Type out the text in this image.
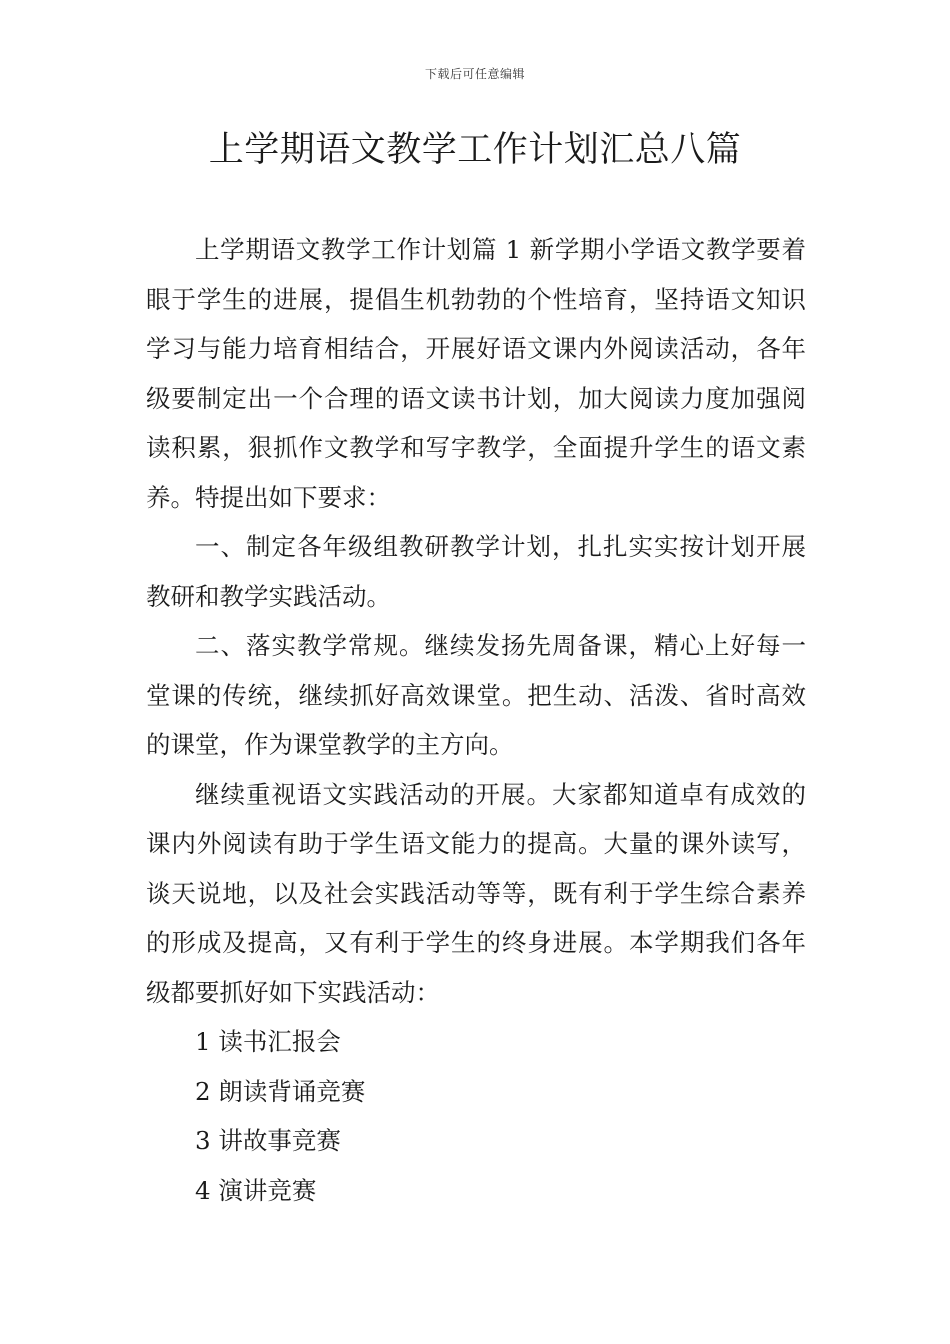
下载后可任意编辑
上学期语文教学工作计划汇总八篇

上学期语文教学工作计划篇 1 新学期小学语文教学要着眼于学生的进展，提倡生机勃勃的个性培育，坚持语文知识学习与能力培育相结合，开展好语文课内外阅读活动，各年级要制定出一个合理的语文读书计划，加大阅读力度加强阅读积累，狠抓作文教学和写字教学，全面提升学生的语文素养。特提出如下要求：

一、制定各年级组教研教学计划，扎扎实实按计划开展教研和教学实践活动。

二、落实教学常规。继续发扬先周备课，精心上好每一堂课的传统，继续抓好高效课堂。把生动、活泼、省时高效的课堂，作为课堂教学的主方向。

继续重视语文实践活动的开展。大家都知道卓有成效的课内外阅读有助于学生语文能力的提高。大量的课外读写，谈天说地，以及社会实践活动等等，既有利于学生综合素养的形成及提高，又有利于学生的终身进展。本学期我们各年级都要抓好如下实践活动：

1 读书汇报会

2 朗读背诵竞赛

3 讲故事竞赛

4 演讲竞赛
